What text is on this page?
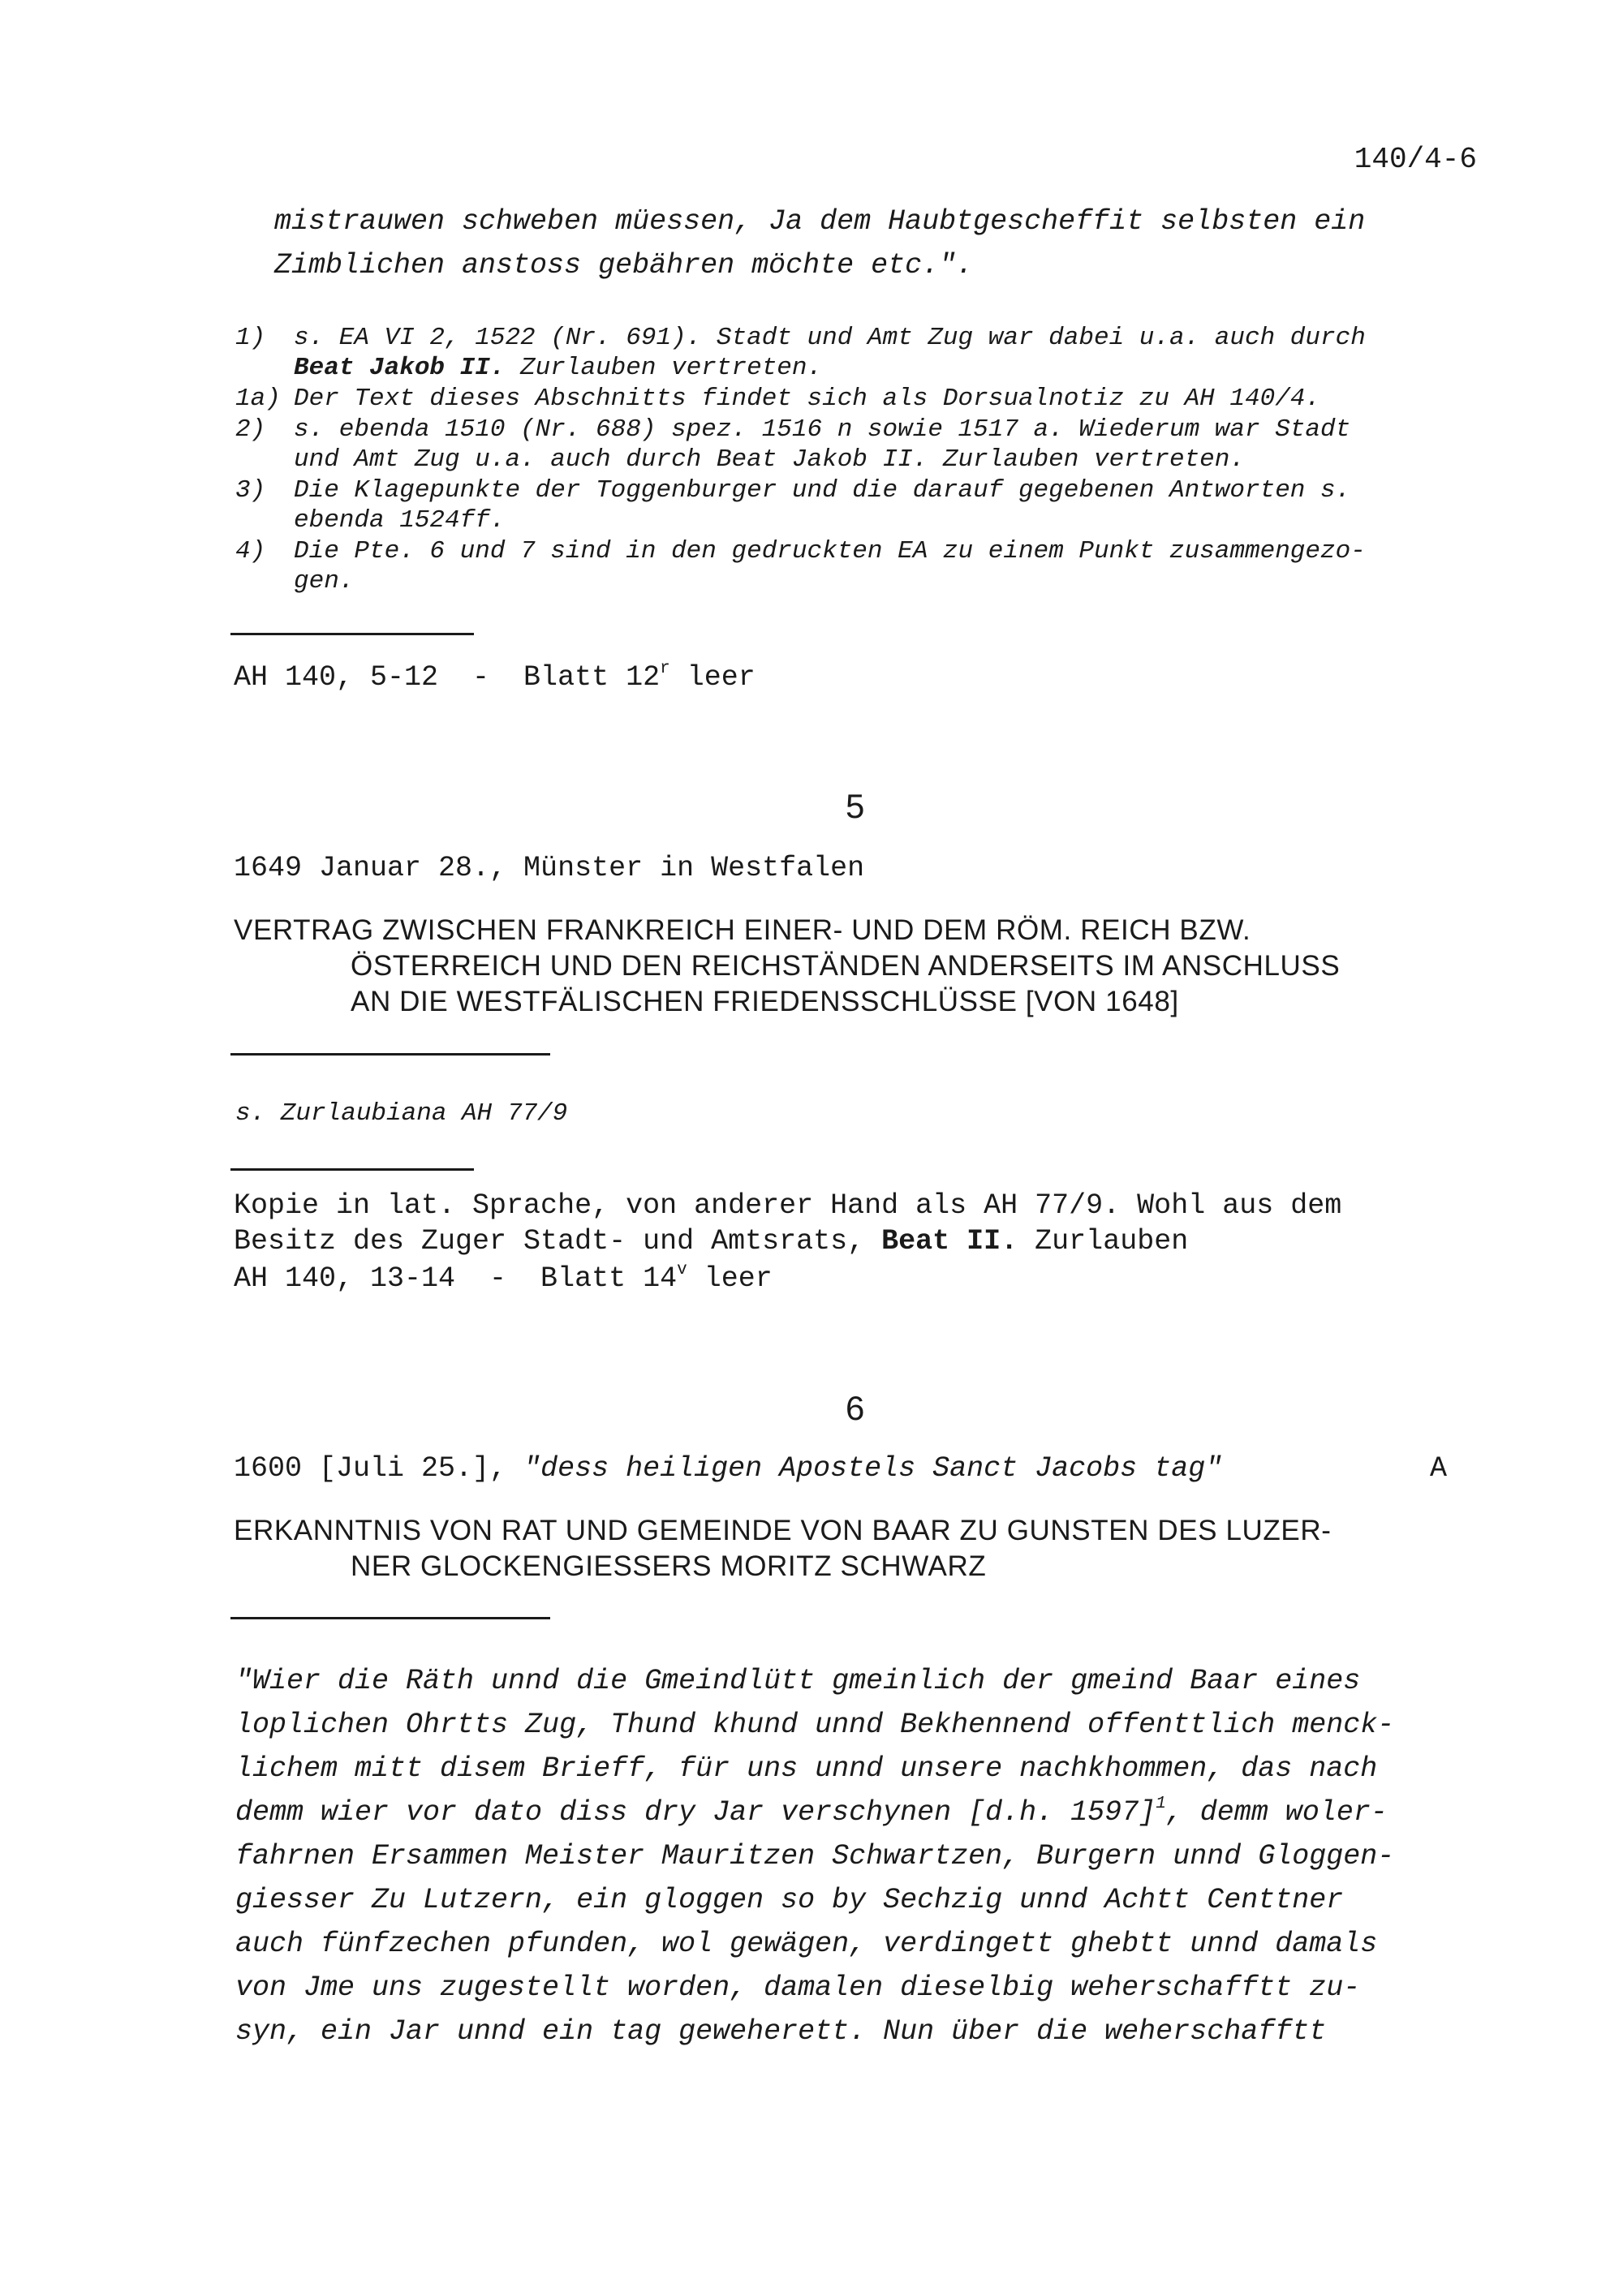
140/4-6
mistrauwen schweben müessen, Ja dem Haubtgescheffit selbsten ein
Zimblichen anstoss gebähren möchte etc.".
1) s. EA VI 2, 1522 (Nr. 691). Stadt und Amt Zug war dabei u.a. auch durch
Beat Jakob II. Zurlauben vertreten.
1a) Der Text dieses Abschnitts findet sich als Dorsualnotiz zu AH 140/4.
2) s. ebenda 1510 (Nr. 688) spez. 1516 n sowie 1517 a. Wiederum war Stadt
und Amt Zug u.a. auch durch Beat Jakob II. Zurlauben vertreten.
3) Die Klagepunkte der Toggenburger und die darauf gegebenen Antworten s.
ebenda 1524ff.
4) Die Pte. 6 und 7 sind in den gedruckten EA zu einem Punkt zusammengezo-
gen.
AH 140, 5-12  -  Blatt 12$^r$ leer
5
1649 Januar 28., Münster in Westfalen
VERTRAG ZWISCHEN FRANKREICH EINER- UND DEM RÖM. REICH BZW.
ÖSTERREICH UND DEN REICHSTÄNDEN ANDERSEITS IM ANSCHLUSS
AN DIE WESTFÄLISCHEN FRIEDENSSCHLÜSSE [VON 1648]
s. Zurlaubiana AH 77/9
Kopie in lat. Sprache, von anderer Hand als AH 77/9. Wohl aus dem
Besitz des Zuger Stadt- und Amtsrats, Beat II. Zurlauben
AH 140, 13-14  -  Blatt 14$^v$ leer
6
1600 [Juli 25.], "dess heiligen Apostels Sanct Jacobs tag"	A
ERKANNTNIS VON RAT UND GEMEINDE VON BAAR ZU GUNSTEN DES LUZER-
NER GLOCKENGIESSERS MORITZ SCHWARZ
"Wier die Räth unnd die Gmeindlütt gmeinlich der gmeind Baar eines
loplichen Ohrtts Zug, Thund khund unnd Bekhennend offenttlich menck-
lichem mitt disem Brieff, für uns unnd unsere nachkhommen, das nach
demm wier vor dato diss dry Jar verschynen [d.h. 1597]$^1$, demm woler-
fahrnen Ersammen Meister Mauritzen Schwartzen, Burgern unnd Gloggen-
giesser Zu Lutzern, ein gloggen so by Sechzig unnd Achtt Centtner
auch fünfzechen pfunden, wol gewägen, verdingett ghebtt unnd damals
von Jme uns zugestellt worden, damalen dieselbig weherschafftt zu-
syn, ein Jar unnd ein tag geweherett. Nun über die weherschafftt
